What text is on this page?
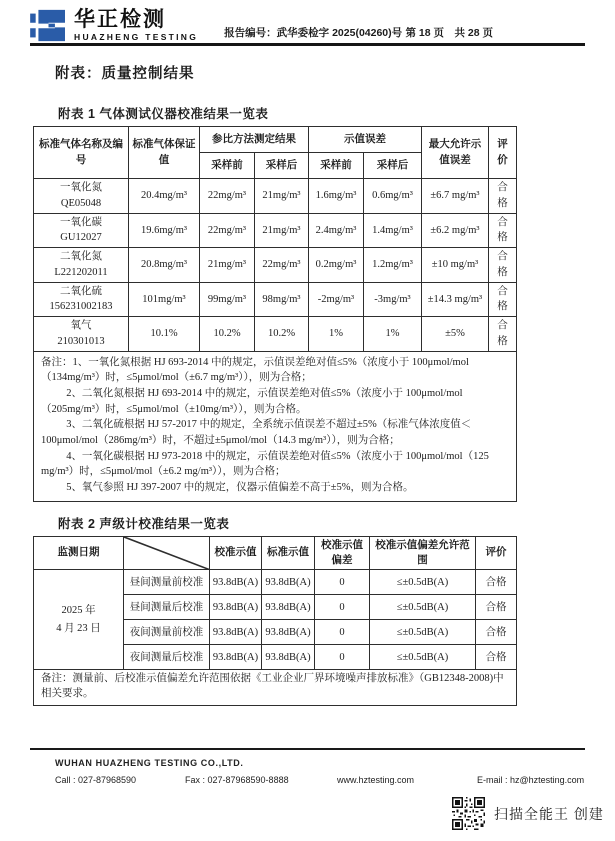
华正检测
HUAZHENG TESTING 报告编号：武华委检字 2025(04260)号 第 18 页　共 28 页
附表：质量控制结果
附表 1 气体测试仪器校准结果一览表
标准气体名称及编号	标准气体保证值	参比方法测定结果		示值误差		最大允许示值误差	评价

		采样前	采样后	采样前	采样后		

一氧化氮
QE05048	20.4mg/m³	22mg/m³	21mg/m³	1.6mg/m³	0.6mg/m³	±6.7 mg/m³	合格

一氧化碳
GU12027	19.6mg/m³	22mg/m³	21mg/m³	2.4mg/m³	1.4mg/m³	±6.2 mg/m³	合格

二氧化氮
L221202011	20.8mg/m³	21mg/m³	22mg/m³	0.2mg/m³	1.2mg/m³	±10 mg/m³	合格

二氧化硫
156231002183	101mg/m³	99mg/m³	98mg/m³	-2mg/m³	-3mg/m³	±14.3 mg/m³	合格

氧气
210301013	10.1%	10.2%	10.2%	1%	1%	±5%	合格

备注：1、一氧化氮根据 HJ 693-2014 中的规定，示值误差绝对值≤5%（浓度小于 100μmol/mol（134mg/m³）时，≤5μmol/mol（±6.7 mg/m³）），则为合格；

2、二氧化氮根据 HJ 693-2014 中的规定，示值误差绝对值≤5%（浓度小于 100μmol/mol（205mg/m³）时，≤5μmol/mol（±10mg/m³）），则为合格。

3、二氧化硫根据 HJ 57-2017 中的规定，全系统示值误差不超过±5%（标准气体浓度值＜100μmol/mol（286mg/m³）时，不超过±5μmol/mol（14.3 mg/m³）），则为合格；

4、一氧化碳根据 HJ 973-2018 中的规定，示值误差绝对值≤5%（浓度小于 100μmol/mol（125 mg/m³）时，≤5μmol/mol（±6.2 mg/m³）），则为合格；

5、氧气参照 HJ 397-2007 中的规定，仪器示值偏差不高于±5%，则为合格。							

附表 2 声级计校准结果一览表
监测日期		校准示值	标准示值	校准示值偏差	校准示值偏差允许范围	评价

2025 年
4 月 23 日	昼间测量前校准	93.8dB(A)	93.8dB(A)	0	≤±0.5dB(A)	合格
	昼间测量后校准	93.8dB(A)	93.8dB(A)	0	≤±0.5dB(A)	合格
	夜间测量前校准	93.8dB(A)	93.8dB(A)	0	≤±0.5dB(A)	合格
	夜间测量后校准	93.8dB(A)	93.8dB(A)	0	≤±0.5dB(A)	合格
备注：测量前、后校准示值偏差允许范围依据《工业企业厂界环境噪声排放标准》（GB12348-2008)中相关要求。						
WUHAN HUAZHENG TESTING CO.,LTD.
Call : 027-87968590	Fax : 027-87968590-8888	www.hztesting.com	E-mail : hz@hztesting.com
扫描全能王 创建
